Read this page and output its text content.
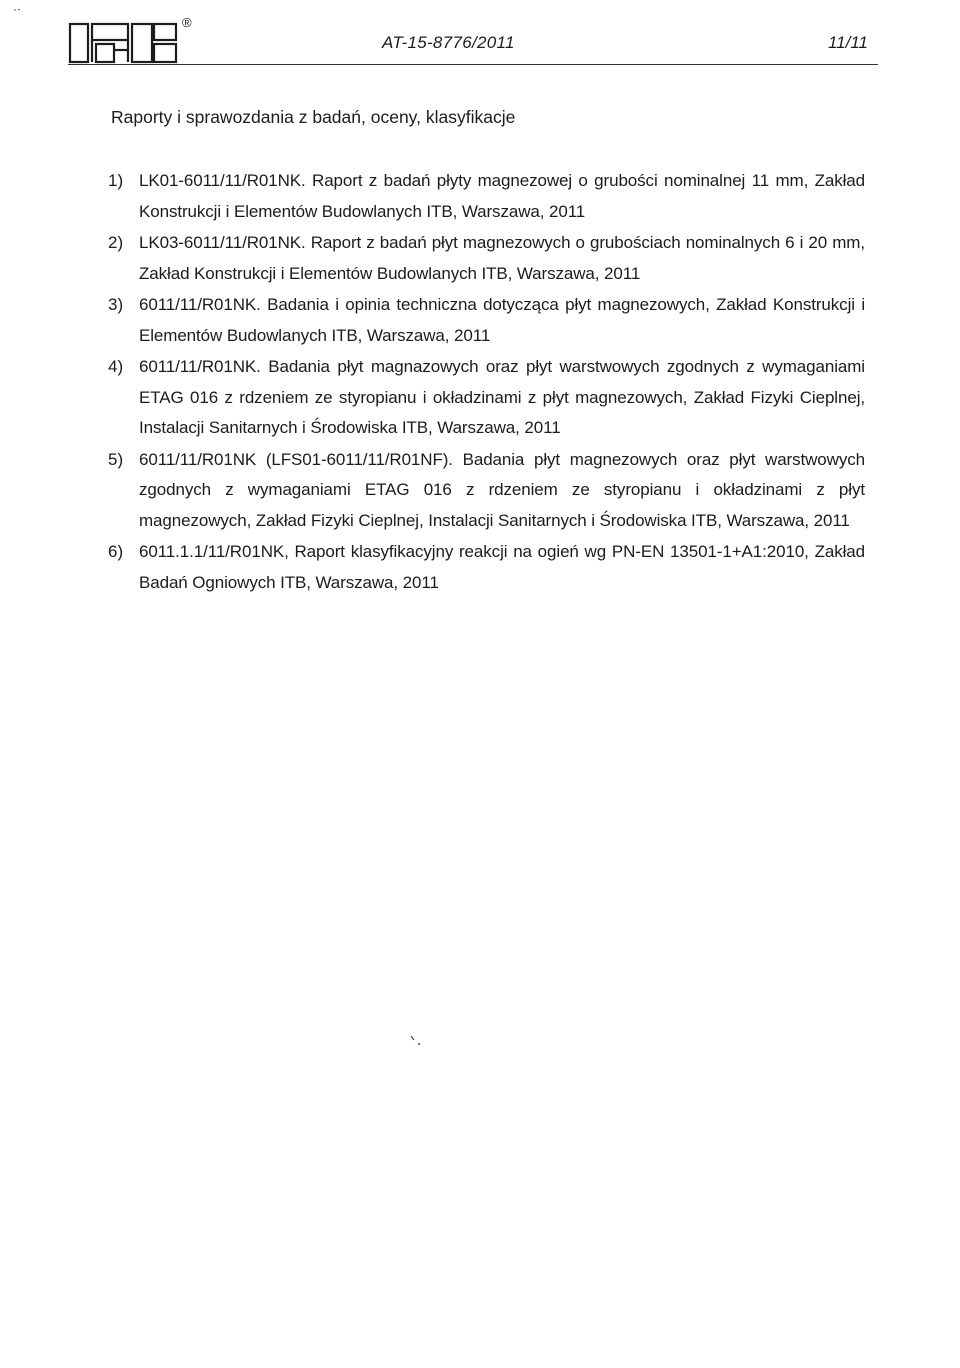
®
AT-15-8776/2011	11/11
Raporty i sprawozdania z badań, oceny, klasyfikacje
1) LK01-6011/11/R01NK. Raport z badań płyty magnezowej o grubości nominalnej 11 mm, Zakład Konstrukcji i Elementów Budowlanych ITB, Warszawa, 2011
2) LK03-6011/11/R01NK. Raport z badań płyt magnezowych o grubościach nominalnych 6 i 20 mm, Zakład Konstrukcji i Elementów Budowlanych ITB, Warszawa, 2011
3) 6011/11/R01NK. Badania i opinia techniczna dotycząca płyt magnezowych, Zakład Konstrukcji i Elementów Budowlanych ITB, Warszawa, 2011
4) 6011/11/R01NK. Badania płyt magnazowych oraz płyt warstwowych zgodnych z wymaganiami ETAG 016 z rdzeniem ze styropianu i okładzinami z płyt magnezowych, Zakład Fizyki Cieplnej, Instalacji Sanitarnych i Środowiska ITB, Warszawa, 2011
5) 6011/11/R01NK (LFS01-6011/11/R01NF). Badania płyt magnezowych oraz płyt warstwowych zgodnych z wymaganiami ETAG 016 z rdzeniem ze styropianu i okładzinami z płyt magnezowych, Zakład Fizyki Cieplnej, Instalacji Sanitarnych i Środowiska ITB, Warszawa, 2011
6) 6011.1.1/11/R01NK, Raport klasyfikacyjny reakcji na ogień wg PN-EN 13501-1+A1:2010, Zakład Badań Ogniowych ITB, Warszawa, 2011
